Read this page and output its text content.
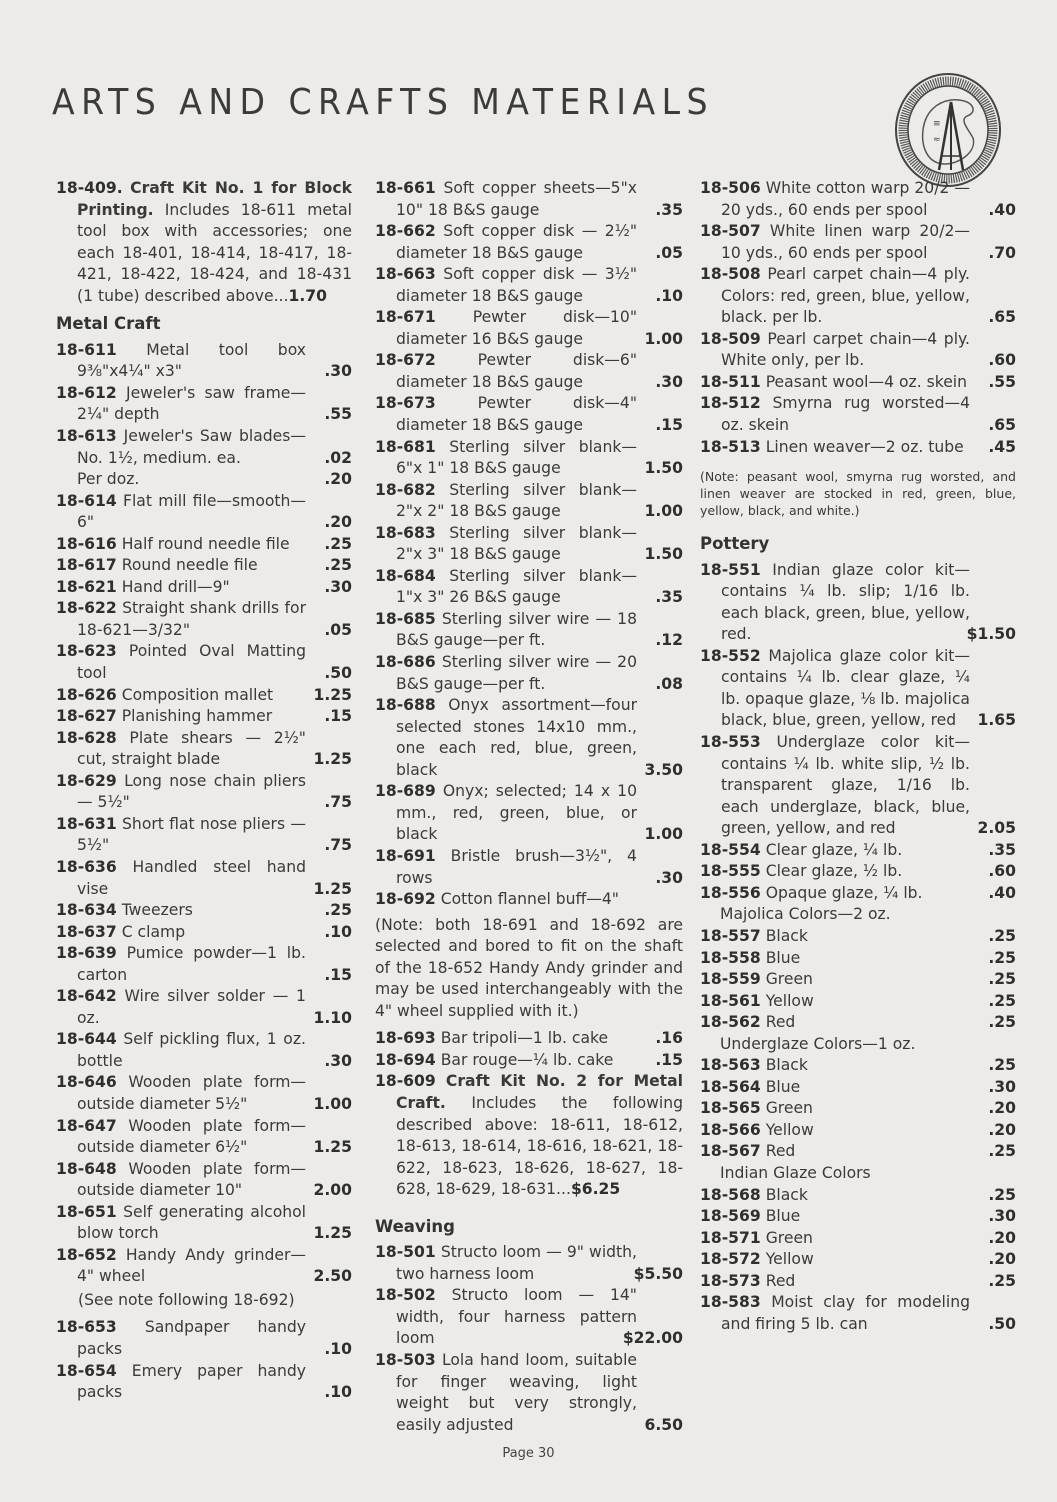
ARTS AND CRAFTS MATERIALS
≡
≈
18-409. Craft Kit No. 1 for Block Printing. Includes 18-611 metal tool box with accessories; one each 18-401, 18-414, 18-417, 18-421, 18-422, 18-424, and 18-431 (1 tube) described above...1.70
Metal Craft
18-611 Metal tool box 9⅜"x4¼" x3"	.30
18-612 Jeweler's saw frame—2¼" depth	.55
18-613 Jeweler's Saw blades—No. 1½, medium. ea.	.02
Per doz.	.20
18-614 Flat mill file—smooth— 6"	.20
18-616 Half round needle file	.25
18-617 Round needle file	.25
18-621 Hand drill—9"	.30
18-622 Straight shank drills for 18-621—3/32"	.05
18-623 Pointed Oval Matting tool	.50
18-626 Composition mallet	1.25
18-627 Planishing hammer	.15
18-628 Plate shears — 2½" cut, straight blade	1.25
18-629 Long nose chain pliers— 5½"	.75
18-631 Short flat nose pliers — 5½"	.75
18-636 Handled steel hand vise	1.25
18-634 Tweezers	.25
18-637 C clamp	.10
18-639 Pumice powder—1 lb. carton	.15
18-642 Wire silver solder — 1 oz.	1.10
18-644 Self pickling flux, 1 oz. bottle	.30
18-646 Wooden plate form—outside diameter 5½"	1.00
18-647 Wooden plate form—outside diameter 6½"	1.25
18-648 Wooden plate form—outside diameter 10"	2.00
18-651 Self generating alcohol blow torch	1.25
18-652 Handy Andy grinder—4" wheel	2.50
(See note following 18-692)
18-653 Sandpaper handy packs	.10
18-654 Emery paper handy packs	.10
18-661 Soft copper sheets—5"x 10" 18 B&S gauge	.35
18-662 Soft copper disk — 2½" diameter 18 B&S gauge	.05
18-663 Soft copper disk — 3½" diameter 18 B&S gauge	.10
18-671 Pewter disk—10" diameter 16 B&S gauge	1.00
18-672	Pewter disk—6" diameter 18 B&S gauge	.30
18-673	Pewter disk—4" diameter 18 B&S gauge	.15
18-681 Sterling silver blank—6"x 1" 18 B&S gauge	1.50
18-682 Sterling silver blank—2"x 2" 18 B&S gauge	1.00
18-683 Sterling silver blank—2"x 3" 18 B&S gauge	1.50
18-684 Sterling silver blank—1"x 3" 26 B&S gauge	.35
18-685 Sterling silver wire — 18 B&S gauge—per ft.	.12
18-686 Sterling silver wire — 20 B&S gauge—per ft.	.08
18-688 Onyx assortment—four selected stones 14x10 mm., one each red, blue, green, black	3.50
18-689 Onyx; selected; 14 x 10 mm., red, green, blue, or black	1.00
18-691 Bristle brush—3½", 4 rows	.30
18-692 Cotton flannel buff—4"
(Note: both 18-691 and 18-692 are selected and bored to fit on the shaft of the 18-652 Handy Andy grinder and may be used interchangeably with the 4" wheel supplied with it.)
18-693 Bar tripoli—1 lb. cake	.16
18-694 Bar rouge—¼ lb. cake	.15
18-609 Craft Kit No. 2 for Metal Craft. Includes the following described above: 18-611, 18-612, 18-613, 18-614, 18-616, 18-621, 18-622, 18-623, 18-626, 18-627, 18-628, 18-629, 18-631...$6.25
Weaving
18-501 Structo loom — 9" width, two harness loom	$5.50
18-502 Structo loom — 14" width, four harness pattern loom	$22.00
18-503 Lola hand loom, suitable for finger weaving, light weight but very strongly, easily adjusted	6.50
18-506 White cotton warp 20/2 —20 yds., 60 ends per spool	.40
18-507 White linen warp 20/2— 10 yds., 60 ends per spool	.70
18-508 Pearl carpet chain—4 ply. Colors: red, green, blue, yellow, black. per lb.	.65
18-509 Pearl carpet chain—4 ply. White only, per lb.	.60
18-511 Peasant wool—4 oz. skein	.55
18-512 Smyrna rug worsted—4 oz. skein	.65
18-513 Linen weaver—2 oz. tube	.45
(Note: peasant wool, smyrna rug worsted, and linen weaver are stocked in red, green, blue, yellow, black, and white.)
Pottery
18-551 Indian glaze color kit—contains ¼ lb. slip; 1/16 lb. each black, green, blue, yellow, red.	$1.50
18-552 Majolica glaze color kit—contains ¼ lb. clear glaze, ¼ lb. opaque glaze, ⅛ lb. majolica black, blue, green, yellow, red	1.65
18-553 Underglaze color kit—contains ¼ lb. white slip, ½ lb. transparent glaze, 1/16 lb. each underglaze, black, blue, green, yellow, and red	2.05
18-554 Clear glaze, ¼ lb.	.35
18-555 Clear glaze, ½ lb.	.60
18-556 Opaque glaze, ¼ lb.	.40
Majolica Colors—2 oz.
18-557 Black	.25
18-558 Blue	.25
18-559 Green	.25
18-561 Yellow	.25
18-562 Red	.25
Underglaze Colors—1 oz.
18-563 Black	.25
18-564 Blue	.30
18-565 Green	.20
18-566 Yellow	.20
18-567 Red	.25
Indian Glaze Colors
18-568 Black	.25
18-569 Blue	.30
18-571 Green	.20
18-572 Yellow	.20
18-573 Red	.25
18-583 Moist clay for modeling and firing 5 lb. can	.50
Page 30
